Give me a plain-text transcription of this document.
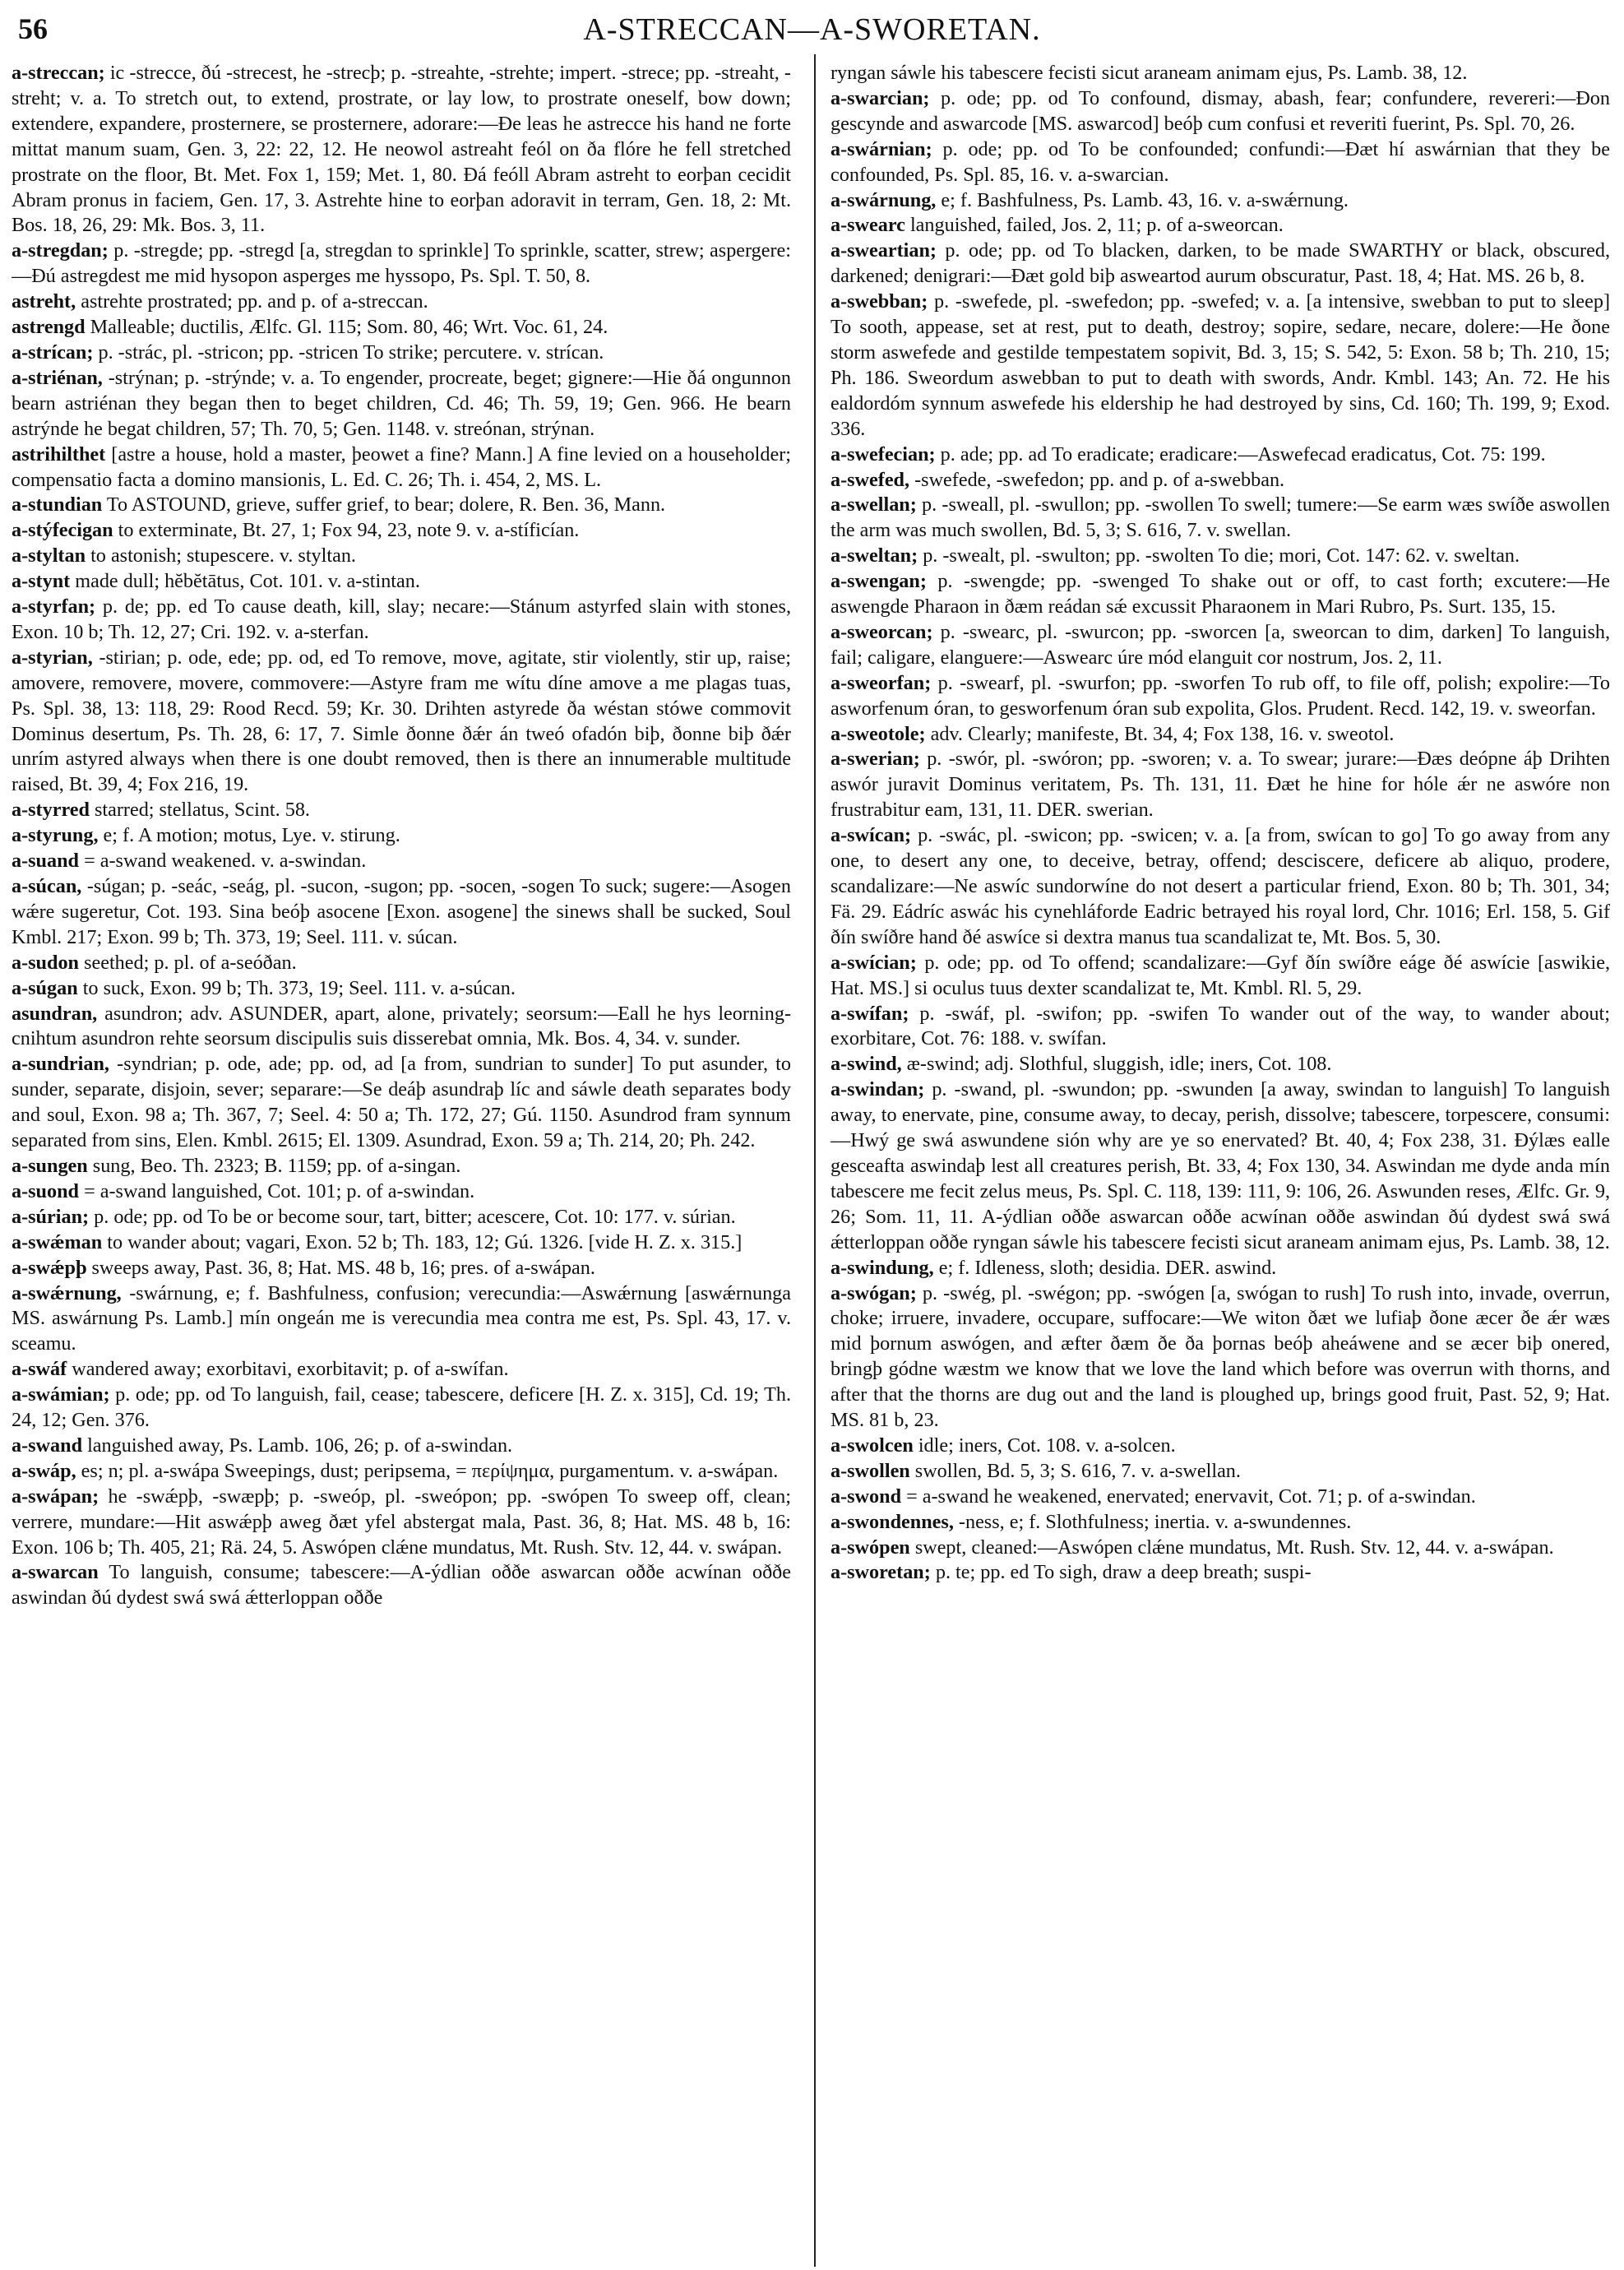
56	A-STRECCAN—A-SWORETAN.

a-streccan; ic -strecce, ðú -strecest, he -strecþ; p. -streahte, -strehte; impert. -strece; pp. -streaht, -streht; v. a. To stretch out, to extend, prostrate, or lay low, to prostrate oneself, bow down; extendere, expandere, prosternere, se prosternere, adorare:—Ðe leas he astrecce his hand ne forte mittat manum suam, Gen. 3, 22: 22, 12. He neowol astreaht feól on ða flóre he fell stretched prostrate on the floor, Bt. Met. Fox 1, 159; Met. 1, 80. Ðá feóll Abram astreht to eorþan cecidit Abram pronus in faciem, Gen. 17, 3. Astrehte hine to eorþan adoravit in terram, Gen. 18, 2: Mt. Bos. 18, 26, 29: Mk. Bos. 3, 11.

a-stregdan; p. -stregde; pp. -stregd [a, stregdan to sprinkle] To sprinkle, scatter, strew; aspergere:—Ðú astregdest me mid hysopon asperges me hyssopo, Ps. Spl. T. 50, 8.

astreht, astrehte prostrated; pp. and p. of a-streccan.

astrengd Malleable; ductilis, Ælfc. Gl. 115; Som. 80, 46; Wrt. Voc. 61, 24.

a-strícan; p. -strác, pl. -stricon; pp. -stricen To strike; percutere. v. strícan.

a-striénan, -strýnan; p. -strýnde; v. a. To engender, procreate, beget; gignere:—Hie ðá ongunnon bearn astriénan they began then to beget children, Cd. 46; Th. 59, 19; Gen. 966. He bearn astrýnde he begat children, 57; Th. 70, 5; Gen. 1148. v. streónan, strýnan.

astrihilthet [astre a house, hold a master, þeowet a fine? Mann.] A fine levied on a householder; compensatio facta a domino mansionis, L. Ed. C. 26; Th. i. 454, 2, MS. L.

a-stundian To ASTOUND, grieve, suffer grief, to bear; dolere, R. Ben. 36, Mann.

a-stýfecigan to exterminate, Bt. 27, 1; Fox 94, 23, note 9. v. a-stíficían.

a-styltan to astonish; stupescere. v. styltan.

a-stynt made dull; hĕbĕtātus, Cot. 101. v. a-stintan.

a-styrfan; p. de; pp. ed To cause death, kill, slay; necare:—Stánum astyrfed slain with stones, Exon. 10 b; Th. 12, 27; Cri. 192. v. a-sterfan.

a-styrian, -stirian; p. ode, ede; pp. od, ed To remove, move, agitate, stir violently, stir up, raise; amovere, removere, movere, commovere:—Astyre fram me wítu díne amove a me plagas tuas, Ps. Spl. 38, 13: 118, 29: Rood Recd. 59; Kr. 30. Drihten astyrede ða wéstan stówe commovit Dominus desertum, Ps. Th. 28, 6: 17, 7. Simle ðonne ðǽr án tweó ofadón biþ, ðonne biþ ðǽr unrím astyred always when there is one doubt removed, then is there an innumerable multitude raised, Bt. 39, 4; Fox 216, 19.

a-styrred starred; stellatus, Scint. 58.

a-styrung, e; f. A motion; motus, Lye. v. stirung.

a-suand = a-swand weakened. v. a-swindan.

a-súcan, -súgan; p. -seác, -seág, pl. -sucon, -sugon; pp. -socen, -sogen To suck; sugere:—Asogen wǽre sugeretur, Cot. 193. Sina beóþ asocene [Exon. asogene] the sinews shall be sucked, Soul Kmbl. 217; Exon. 99 b; Th. 373, 19; Seel. 111. v. súcan.

a-sudon seethed; p. pl. of a-seóðan.

a-súgan to suck, Exon. 99 b; Th. 373, 19; Seel. 111. v. a-súcan.

asundran, asundron; adv. ASUNDER, apart, alone, privately; seorsum:—Eall he hys leorning-cnihtum asundron rehte seorsum discipulis suis disserebat omnia, Mk. Bos. 4, 34. v. sunder.

a-sundrian, -syndrian; p. ode, ade; pp. od, ad [a from, sundrian to sunder] To put asunder, to sunder, separate, disjoin, sever; separare:—Se deáþ asundraþ líc and sáwle death separates body and soul, Exon. 98 a; Th. 367, 7; Seel. 4: 50 a; Th. 172, 27; Gú. 1150. Asundrod fram synnum separated from sins, Elen. Kmbl. 2615; El. 1309. Asundrad, Exon. 59 a; Th. 214, 20; Ph. 242.

a-sungen sung, Beo. Th. 2323; B. 1159; pp. of a-singan.

a-suond = a-swand languished, Cot. 101; p. of a-swindan.

a-súrian; p. ode; pp. od To be or become sour, tart, bitter; acescere, Cot. 10: 177. v. súrian.

a-swǽman to wander about; vagari, Exon. 52 b; Th. 183, 12; Gú. 1326. [vide H. Z. x. 315.]

a-swǽpþ sweeps away, Past. 36, 8; Hat. MS. 48 b, 16; pres. of a-swápan.

a-swǽrnung, -swárnung, e; f. Bashfulness, confusion; verecundia:—Aswǽrnung [aswǽrnunga MS. aswárnung Ps. Lamb.] mín ongeán me is verecundia mea contra me est, Ps. Spl. 43, 17. v. sceamu.

a-swáf wandered away; exorbitavi, exorbitavit; p. of a-swífan.

a-swámian; p. ode; pp. od To languish, fail, cease; tabescere, deficere [H. Z. x. 315], Cd. 19; Th. 24, 12; Gen. 376.

a-swand languished away, Ps. Lamb. 106, 26; p. of a-swindan.

a-swáp, es; n; pl. a-swápa Sweepings, dust; peripsema, = περίψημα, purgamentum. v. a-swápan.

a-swápan; he -swǽpþ, -swæpþ; p. -sweóp, pl. -sweópon; pp. -swópen To sweep off, clean; verrere, mundare:—Hit aswǽpþ aweg ðæt yfel abstergat mala, Past. 36, 8; Hat. MS. 48 b, 16: Exon. 106 b; Th. 405, 21; Rä. 24, 5. Aswópen clǽne mundatus, Mt. Rush. Stv. 12, 44. v. swápan.

a-swarcan To languish, consume; tabescere:—A-ýdlian oððe aswarcan oððe acwínan oððe aswindan ðú dydest swá swá ǽtterloppan oððe

ryngan sáwle his tabescere fecisti sicut araneam animam ejus, Ps. Lamb. 38, 12.

a-swarcian; p. ode; pp. od To confound, dismay, abash, fear; confundere, revereri:—Ðon gescynde and aswarcode [MS. aswarcod] beóþ cum confusi et reveriti fuerint, Ps. Spl. 70, 26.

a-swárnian; p. ode; pp. od To be confounded; confundi:—Ðæt hí aswárnian that they be confounded, Ps. Spl. 85, 16. v. a-swarcian.

a-swárnung, e; f. Bashfulness, Ps. Lamb. 43, 16. v. a-swǽrnung.

a-swearc languished, failed, Jos. 2, 11; p. of a-sweorcan.

a-sweartian; p. ode; pp. od To blacken, darken, to be made SWARTHY or black, obscured, darkened; denigrari:—Ðæt gold biþ asweartod aurum obscuratur, Past. 18, 4; Hat. MS. 26 b, 8.

a-swebban; p. -swefede, pl. -swefedon; pp. -swefed; v. a. [a intensive, swebban to put to sleep] To sooth, appease, set at rest, put to death, destroy; sopire, sedare, necare, dolere:—He ðone storm aswefede and gestilde tempestatem sopivit, Bd. 3, 15; S. 542, 5: Exon. 58 b; Th. 210, 15; Ph. 186. Sweordum aswebban to put to death with swords, Andr. Kmbl. 143; An. 72. He his ealdordóm synnum aswefede his eldership he had destroyed by sins, Cd. 160; Th. 199, 9; Exod. 336.

a-swefecian; p. ade; pp. ad To eradicate; eradicare:—Aswefecad eradicatus, Cot. 75: 199.

a-swefed, -swefede, -swefedon; pp. and p. of a-swebban.

a-swellan; p. -sweall, pl. -swullon; pp. -swollen To swell; tumere:—Se earm wæs swíðe aswollen the arm was much swollen, Bd. 5, 3; S. 616, 7. v. swellan.

a-sweltan; p. -swealt, pl. -swulton; pp. -swolten To die; mori, Cot. 147: 62. v. sweltan.

a-swengan; p. -swengde; pp. -swenged To shake out or off, to cast forth; excutere:—He aswengde Pharaon in ðæm reádan sǽ excussit Pharaonem in Mari Rubro, Ps. Surt. 135, 15.

a-sweorcan; p. -swearc, pl. -swurcon; pp. -sworcen [a, sweorcan to dim, darken] To languish, fail; caligare, elanguere:—Aswearc úre mód elanguit cor nostrum, Jos. 2, 11.

a-sweorfan; p. -swearf, pl. -swurfon; pp. -sworfen To rub off, to file off, polish; expolire:—To asworfenum óran, to gesworfenum óran sub expolita, Glos. Prudent. Recd. 142, 19. v. sweorfan.

a-sweotole; adv. Clearly; manifeste, Bt. 34, 4; Fox 138, 16. v. sweotol.

a-swerian; p. -swór, pl. -swóron; pp. -sworen; v. a. To swear; jurare:—Ðæs deópne áþ Drihten aswór juravit Dominus veritatem, Ps. Th. 131, 11. Ðæt he hine for hóle ǽr ne aswóre non frustrabitur eam, 131, 11. DER. swerian.

a-swícan; p. -swác, pl. -swicon; pp. -swicen; v. a. [a from, swícan to go] To go away from any one, to desert any one, to deceive, betray, offend; desciscere, deficere ab aliquo, prodere, scandalizare:—Ne aswíc sundorwíne do not desert a particular friend, Exon. 80 b; Th. 301, 34; Fä. 29. Eádríc aswác his cynehláforde Eadric betrayed his royal lord, Chr. 1016; Erl. 158, 5. Gif ðín swíðre hand ðé aswíce si dextra manus tua scandalizat te, Mt. Bos. 5, 30.

a-swícian; p. ode; pp. od To offend; scandalizare:—Gyf ðín swíðre eáge ðé aswície [aswikie, Hat. MS.] si oculus tuus dexter scandalizat te, Mt. Kmbl. Rl. 5, 29.

a-swífan; p. -swáf, pl. -swifon; pp. -swifen To wander out of the way, to wander about; exorbitare, Cot. 76: 188. v. swífan.

a-swind, æ-swind; adj. Slothful, sluggish, idle; iners, Cot. 108.

a-swindan; p. -swand, pl. -swundon; pp. -swunden [a away, swindan to languish] To languish away, to enervate, pine, consume away, to decay, perish, dissolve; tabescere, torpescere, consumi:—Hwý ge swá aswundene sión why are ye so enervated? Bt. 40, 4; Fox 238, 31. Ðýlæs ealle gesceafta aswindaþ lest all creatures perish, Bt. 33, 4; Fox 130, 34. Aswindan me dyde anda mín tabescere me fecit zelus meus, Ps. Spl. C. 118, 139: 111, 9: 106, 26. Aswunden reses, Ælfc. Gr. 9, 26; Som. 11, 11. A-ýdlian oððe aswarcan oððe acwínan oððe aswindan ðú dydest swá swá ǽtterloppan oððe ryngan sáwle his tabescere fecisti sicut araneam animam ejus, Ps. Lamb. 38, 12.

a-swindung, e; f. Idleness, sloth; desidia. DER. aswind.

a-swógan; p. -swég, pl. -swégon; pp. -swógen [a, swógan to rush] To rush into, invade, overrun, choke; irruere, invadere, occupare, suffocare:—We witon ðæt we lufiaþ ðone æcer ðe ǽr wæs mid þornum aswógen, and æfter ðæm ðe ða þornas beóþ aheáwene and se æcer biþ onered, bringþ gódne wæstm we know that we love the land which before was overrun with thorns, and after that the thorns are dug out and the land is ploughed up, brings good fruit, Past. 52, 9; Hat. MS. 81 b, 23.

a-swolcen idle; iners, Cot. 108. v. a-solcen.

a-swollen swollen, Bd. 5, 3; S. 616, 7. v. a-swellan.

a-swond = a-swand he weakened, enervated; enervavit, Cot. 71; p. of a-swindan.

a-swondennes, -ness, e; f. Slothfulness; inertia. v. a-swundennes.

a-swópen swept, cleaned:—Aswópen clǽne mundatus, Mt. Rush. Stv. 12, 44. v. a-swápan.

a-sworetan; p. te; pp. ed To sigh, draw a deep breath; suspi-
